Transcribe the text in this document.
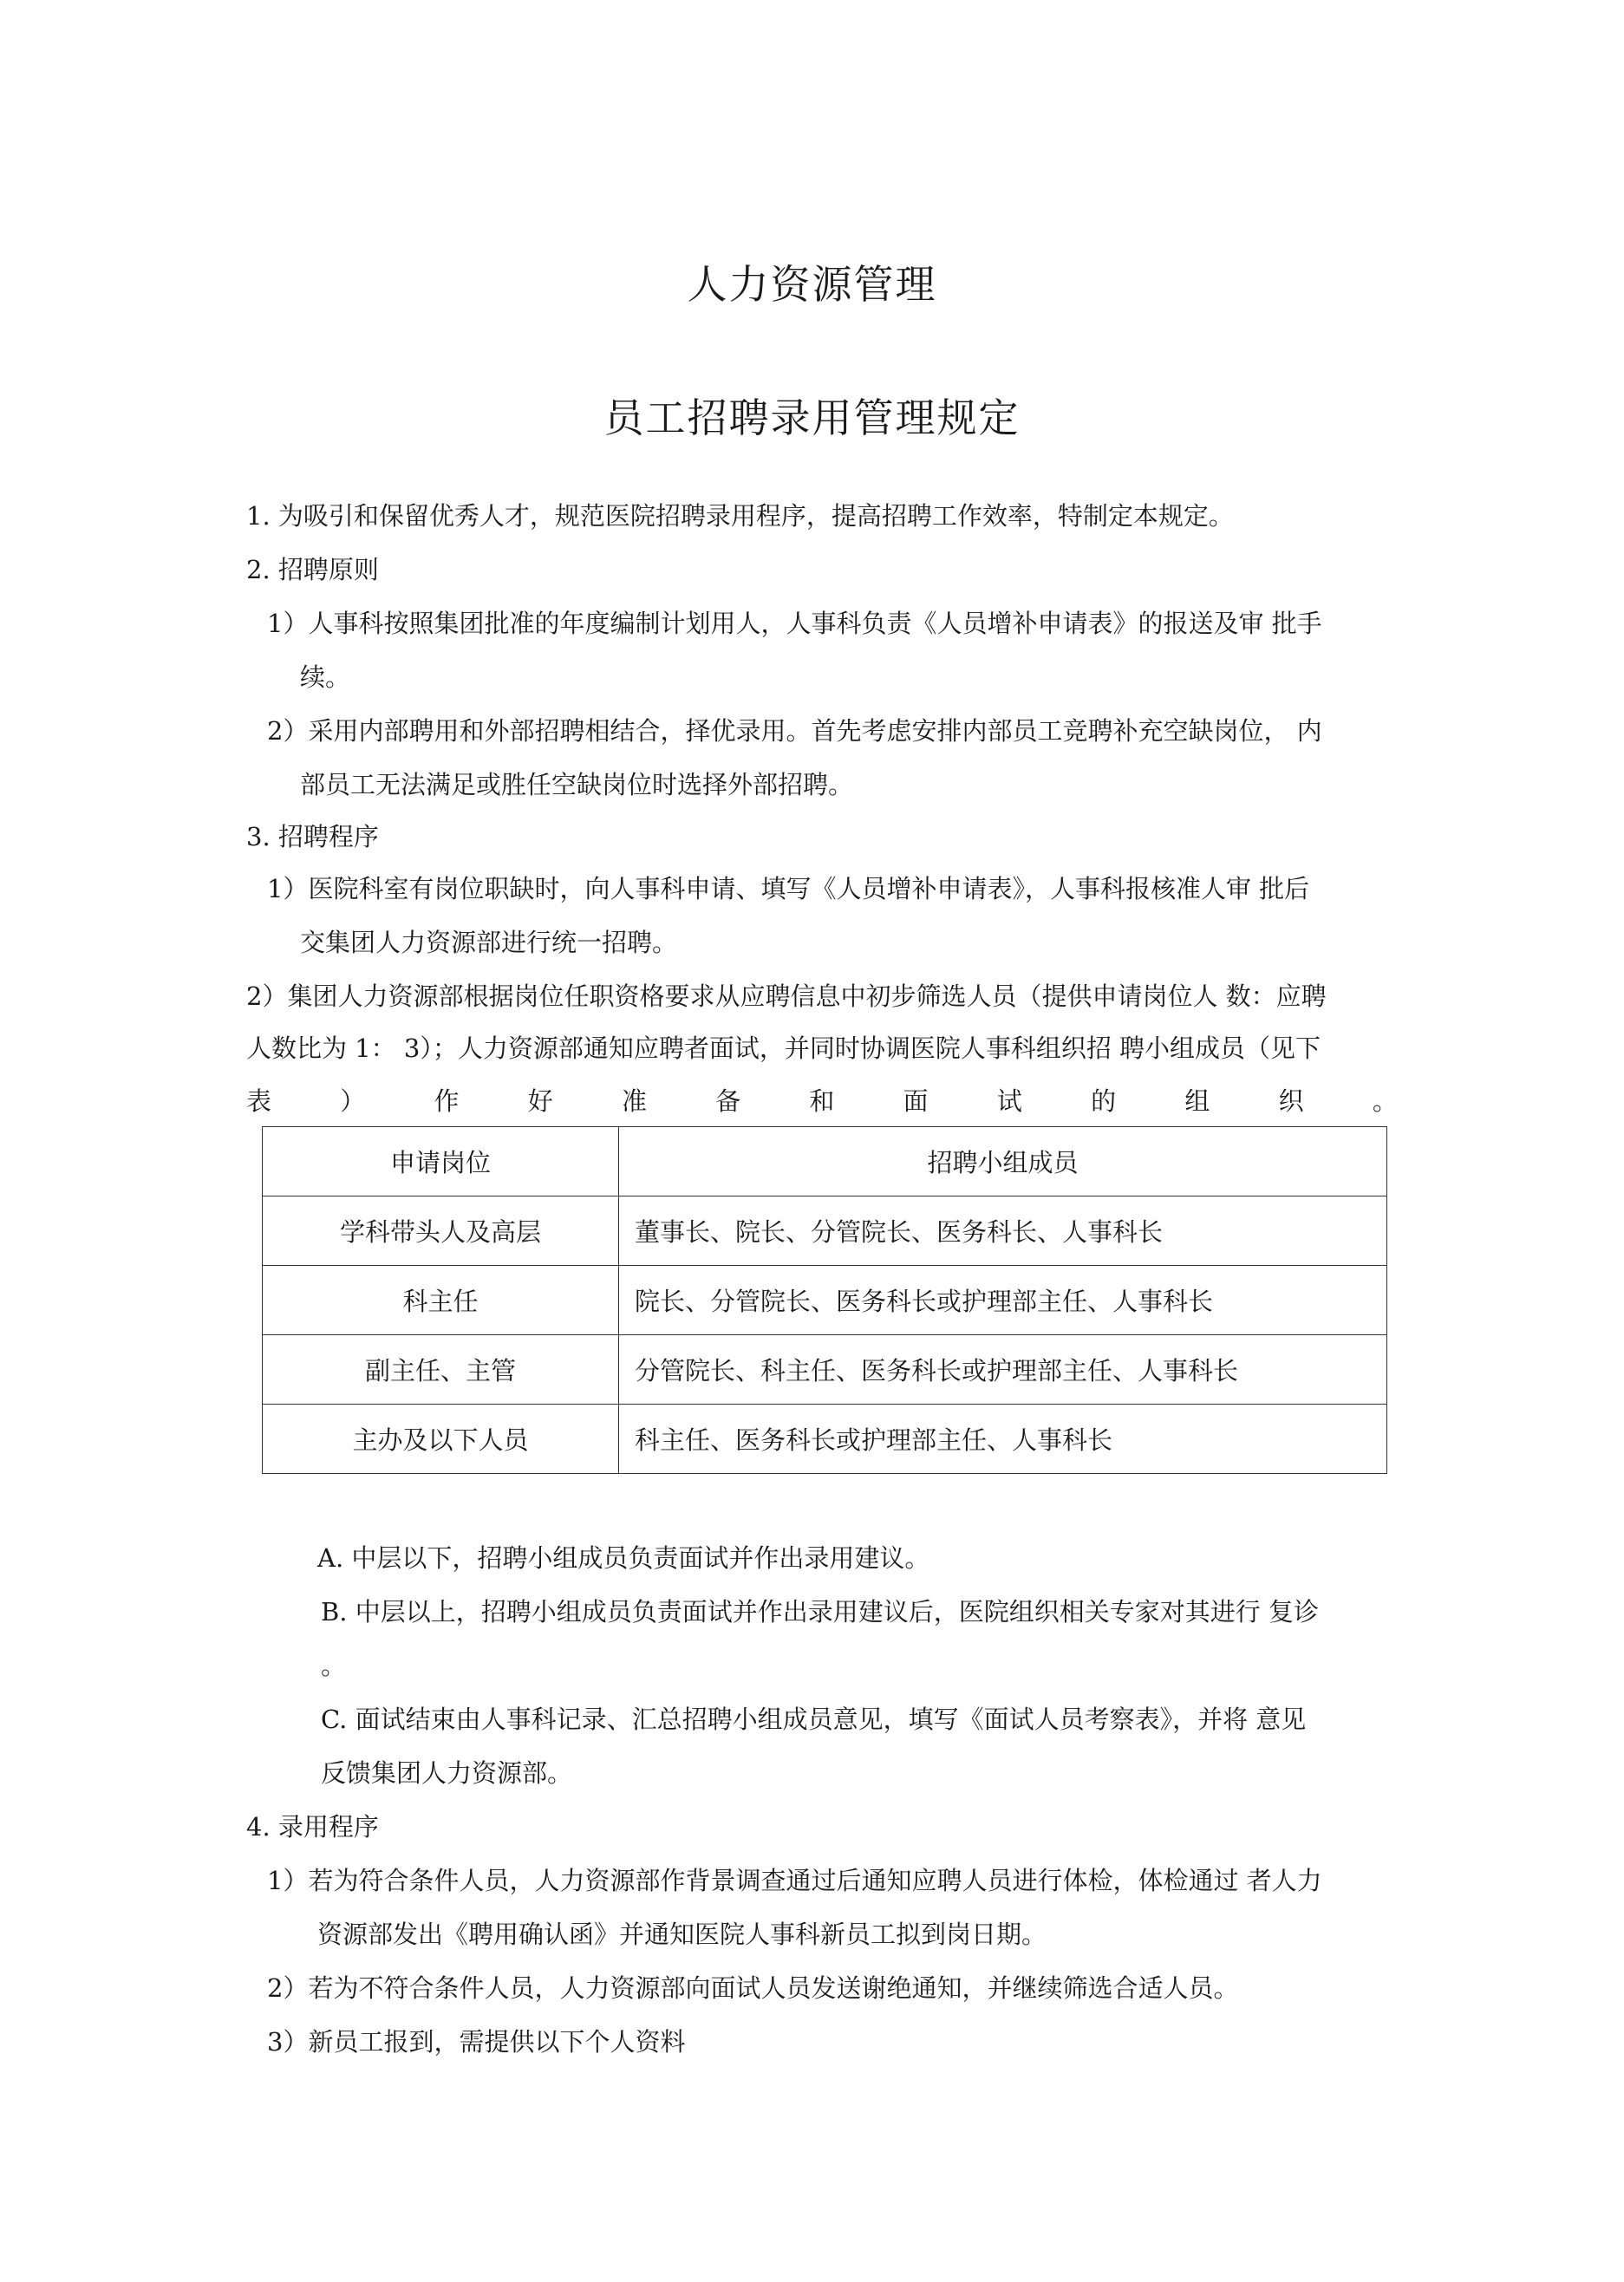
人力资源管理
员工招聘录用管理规定
1. 为吸引和保留优秀人才，规范医院招聘录用程序，提高招聘工作效率，特制定本规定。
2. 招聘原则
1）人事科按照集团批准的年度编制计划用人，人事科负责《人员增补申请表》的报送及审 批手
续。
2）采用内部聘用和外部招聘相结合，择优录用。首先考虑安排内部员工竞聘补充空缺岗位， 内
部员工无法满足或胜任空缺岗位时选择外部招聘。
3. 招聘程序
1）医院科室有岗位职缺时，向人事科申请、填写《人员增补申请表》，人事科报核准人审 批后
交集团人力资源部进行统一招聘。
2）集团人力资源部根据岗位任职资格要求从应聘信息中初步筛选人员（提供申请岗位人 数：应聘
人数比为 1： 3）；人力资源部通知应聘者面试，并同时协调医院人事科组织招 聘小组成员（见下
表	）	作	好	准	备	和	面	试	的	组	织	。
申请岗位	招聘小组成员
学科带头人及高层	董事长、院长、分管院长、医务科长、人事科长
科主任	院长、分管院长、医务科长或护理部主任、人事科长
副主任、主管	分管院长、科主任、医务科长或护理部主任、人事科长
主办及以下人员	科主任、医务科长或护理部主任、人事科长
A. 中层以下，招聘小组成员负责面试并作出录用建议。
B. 中层以上，招聘小组成员负责面试并作出录用建议后，医院组织相关专家对其进行 复诊
。
C. 面试结束由人事科记录、汇总招聘小组成员意见，填写《面试人员考察表》，并将 意见
反馈集团人力资源部。
4. 录用程序
1）若为符合条件人员，人力资源部作背景调查通过后通知应聘人员进行体检，体检通过 者人力
资源部发出《聘用确认函》并通知医院人事科新员工拟到岗日期。
2）若为不符合条件人员，人力资源部向面试人员发送谢绝通知，并继续筛选合适人员。
3）新员工报到，需提供以下个人资料
